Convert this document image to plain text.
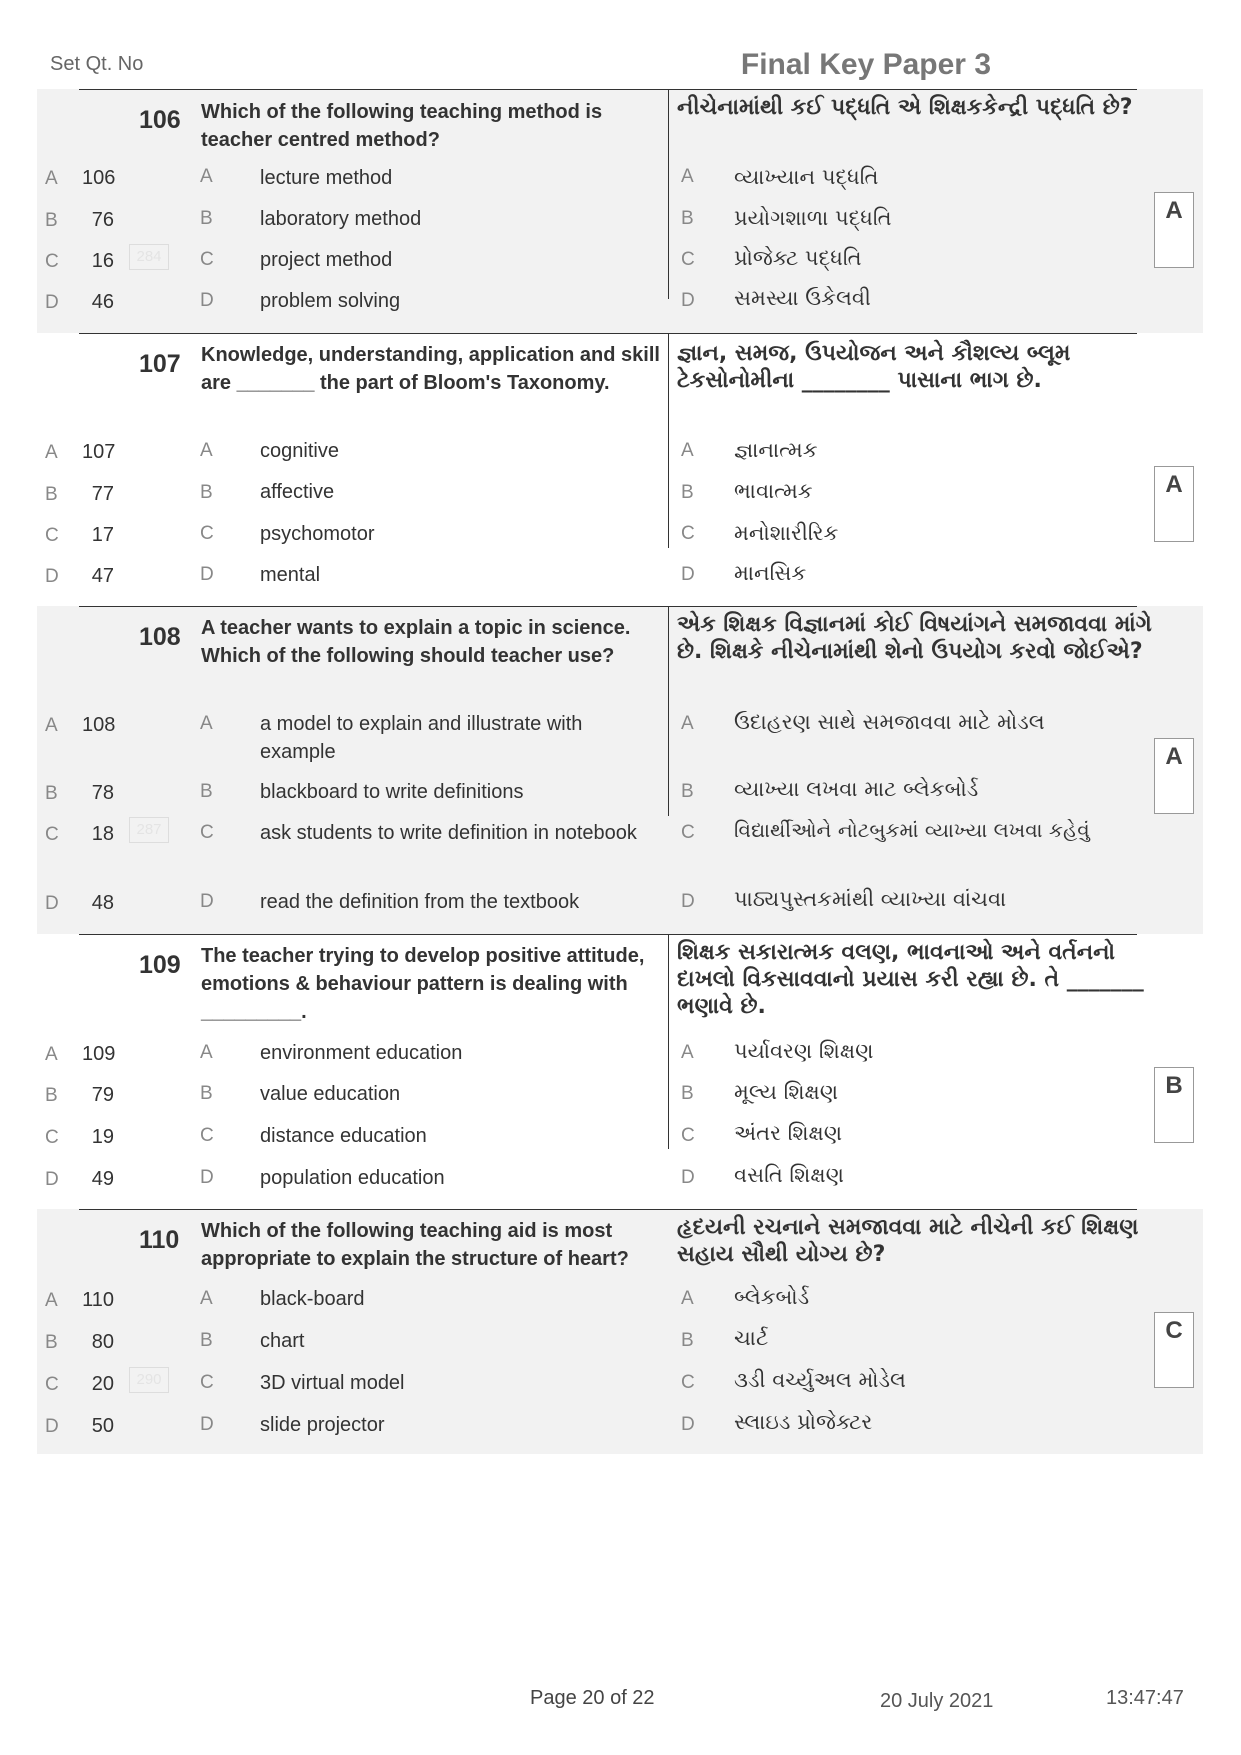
Set Qt. No	Final Key Paper 3
106 Which of the following teaching method is teacher centred method?
નીચેનામાંથી કઈ પદ્ધતિ એ શિક્ષકકેન્દ્રી પદ્ધતિ છે?
A 106	A lecture method	A વ્યાખ્યાન પદ્ધતિ
B	76	B laboratory method	B પ્રયોગશાળા પદ્ધતિ
C	16	284	C project method	C પ્રોજેક્ટ પદ્ધતિ
D	46	D problem solving	D સમસ્યા ઉકેલવી
A
107 Knowledge, understanding, application and skill are _______ the part of Bloom's Taxonomy.
જ્ઞાન, સમજ, ઉપયોજન અને કૌશલ્ય બ્લૂમ ટેકસોનોમીના ________ પાસાના ભાગ છે.
A 107	A cognitive	A જ્ઞાનાત્મક
B	77	B affective	B ભાવાત્મક
C	17	C psychomotor	C મનોશારીરિક
D	47	D mental	D માનસિક
A
108 A teacher wants to explain a topic in science. Which of the following should teacher use?
એક શિક્ષક વિજ્ઞાનમાં કોઈ વિષયાંગને સમજાવવા માંગે છે. શિક્ષકે નીચેનામાંથી શેનો ઉપયોગ કરવો જોઈએ?
A 108	A a model to explain and illustrate with example
A ઉદાહરણ સાથે સમજાવવા માટે મોડલ
B	78	B blackboard to write definitions	B વ્યાખ્યા લખવા માટ બ્લેકબોર્ડ
C	18	287	C ask students to write definition in notebook	C વિદ્યાર્થીઓને નોટબુકમાં વ્યાખ્યા લખવા કહેવું
D	48	D read the definition from the textbook	D પાઠ્યપુસ્તકમાંથી વ્યાખ્યા વાંચવા
A
109 The teacher trying to develop positive attitude, emotions & behaviour pattern is dealing with _________.
શિક્ષક સકારાત્મક વલણ, ભાવનાઓ અને વર્તનનો દાખલો વિકસાવવાનો પ્રયાસ કરી રહ્યા છે. તે _______ ભણાવે છે.
A 109	A environment education	A પર્યાવરણ શિક્ષણ
B	79	B value education	B મૂલ્ય શિક્ષણ
C	19	C distance education	C અંતર શિક્ષણ
D	49	D population education	D વસતિ શિક્ષણ
B
110 Which of the following teaching aid is most appropriate to explain the structure of heart?
હૃદયની રચનાને સમજાવવા માટે નીચેની કઈ શિક્ષણ સહાય સૌથી યોગ્ય છે?
A 110	A black-board	A બ્લેકબોર્ડ
B	80	B chart	B ચાર્ટ
C	20	290	C 3D virtual model	C ૩ડી વર્ચ્યુઅલ મોડેલ
D	50	D slide projector	D સ્લાઇડ પ્રોજેક્ટર
C
Page 20 of 22	20 July 2021	13:47:47
